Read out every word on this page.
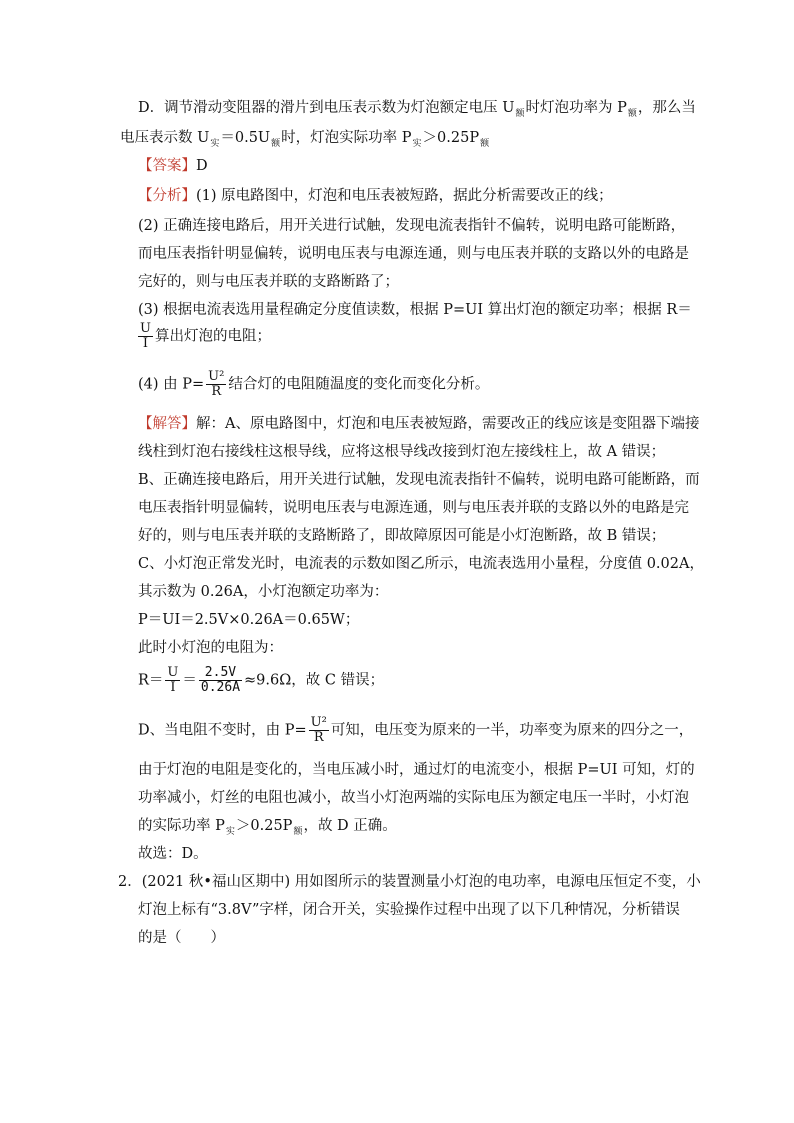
D．调节滑动变阻器的滑片到电压表示数为灯泡额定电压 $U_额$时灯泡功率为 $P_额$，那么当
电压表示数 $U_实=0.5U_额$时，灯泡实际功率 $P_实>0.25P_额$
【答案】D
【分析】(1) 原电路图中，灯泡和电压表被短路，据此分析需要改正的线；
(2) 正确连接电路后，用开关进行试触，发现电流表指针不偏转，说明电路可能断路，
而电压表指针明显偏转，说明电压表与电源连通，则与电压表并联的支路以外的电路是
完好的，则与电压表并联的支路断路了；
(3) 根据电流表选用量程确定分度值读数，根据 P=UI 算出灯泡的额定功率；根据 R＝
$\frac{U}{I}$ 算出灯泡的电阻；
(4) 由 $P= \frac{\text{U²}}{R}$ 结合灯的电阻随温度的变化而变化分析。
【解答】解：A、原电路图中，灯泡和电压表被短路，需要改正的线应该是变阻器下端接
线柱到灯泡右接线柱这根导线，应将这根导线改接到灯泡左接线柱上，故 A 错误；
B、正确连接电路后，用开关进行试触，发现电流表指针不偏转，说明电路可能断路，而
电压表指针明显偏转，说明电压表与电源连通，则与电压表并联的支路以外的电路是完
好的，则与电压表并联的支路断路了，即故障原因可能是小灯泡断路，故 B 错误；
C、小灯泡正常发光时，电流表的示数如图乙所示，电流表选用小量程，分度值 0.02A，
其示数为 0.26A，小灯泡额定功率为：
P＝UI＝2.5V×0.26A＝0.65W；
此时小灯泡的电阻为：
$R= \frac{U}{I} = \frac{2.5V}{0.26A} \approx 9.6\Omega$，故 C 错误；
D、当电阻不变时，由 $P= \frac{\text{U²}}{R}$ 可知，电压变为原来的一半，功率变为原来的四分之一，
由于灯泡的电阻是变化的，当电压减小时，通过灯的电流变小，根据 P=UI 可知，灯的
功率减小，灯丝的电阻也减小，故当小灯泡两端的实际电压为额定电压一半时，小灯泡
的实际功率 $P_实>0.25P_额$，故 D 正确。
故选：D。
2．(2021 秋•福山区期中) 用如图所示的装置测量小灯泡的电功率，电源电压恒定不变，小
灯泡上标有“3.8V”字样，闭合开关，实验操作过程中出现了以下几种情况，分析错误
的是（　　）
